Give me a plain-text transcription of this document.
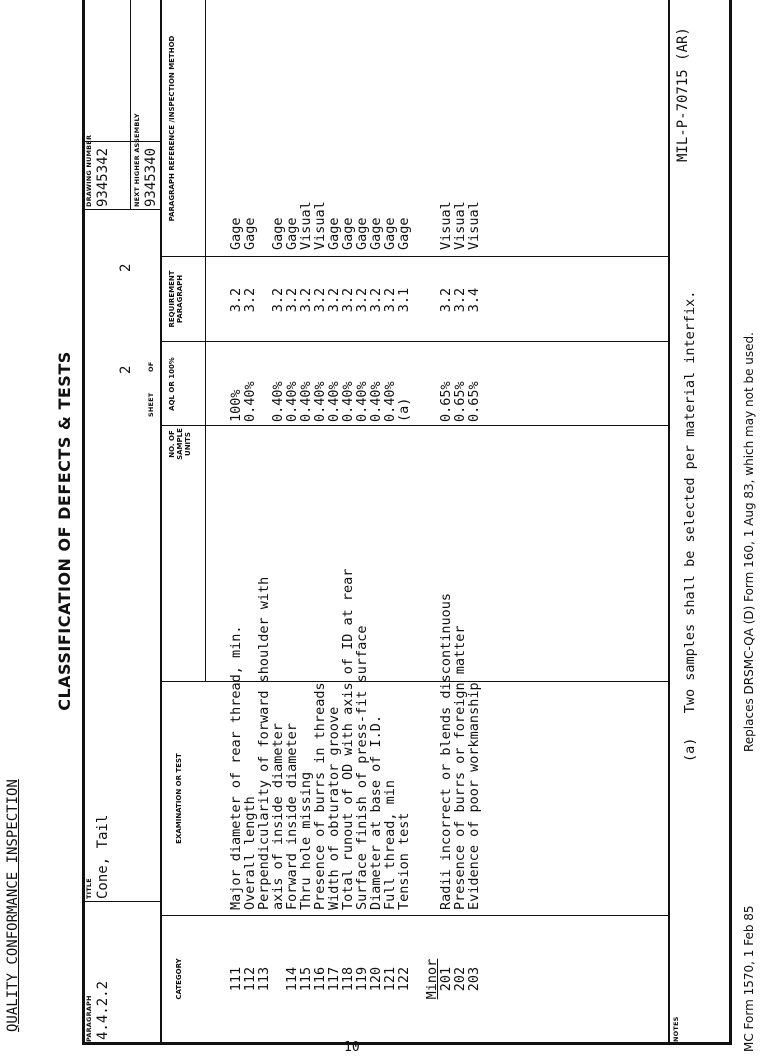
QUALITY CONFORMANCE INSPECTION
CLASSIFICATION OF DEFECTS & TESTS
MIL-P-70715 (AR)
PARAGRAPH 4.4.2.2
TITLE Cone, Tail
SHEET
2 OF
2
DRAWING NUMBER 9345342	NEXT HIGHER ASSEMBLY 9345340
CATEGORY
EXAMINATION OR TEST
NO. OF SAMPLE UNITS
AQL OR 100%
REQUIREMENT PARAGRAPH
PARAGRAPH REFERENCE /INSPECTION METHOD
111
Major diameter of rear thread, min.
100%
3.2
Gage
112
Overall length
0.40%
3.2
Gage
113
Perpendicularity of forward shoulder with
axis of inside diameter
0.40%
3.2
Gage
114
Forward inside diameter
0.40%
3.2
Gage
115
Thru hole missing
0.40%
3.2
Visual
116
Presence of burrs in threads
0.40%
3.2
Visual
117
Width of obturator groove
0.40%
3.2
Gage
118
Total runout of OD with axis of ID at rear
0.40%
3.2
Gage
119
Surface finish of press-fit surface
0.40%
3.2
Gage
120
Diameter at base of I.D.
0.40%
3.2
Gage
121
Full thread, min
0.40%
3.2
Gage
122
Tension test
(a)
3.1
Gage
Minor
201
Radii incorrect or blends discontinuous
0.65%
3.2
Visual
202
Presence of burrs or foreign matter
0.65%
3.2
Visual
203
Evidence of poor workmanship
0.65%
3.4
Visual
NOTES
(a)   Two samples shall be selected per material interfix.
MC Form 1570, 1 Feb 85
Replaces DRSMC-QA (D) Form 160, 1 Aug 83, which may not be used.
10
